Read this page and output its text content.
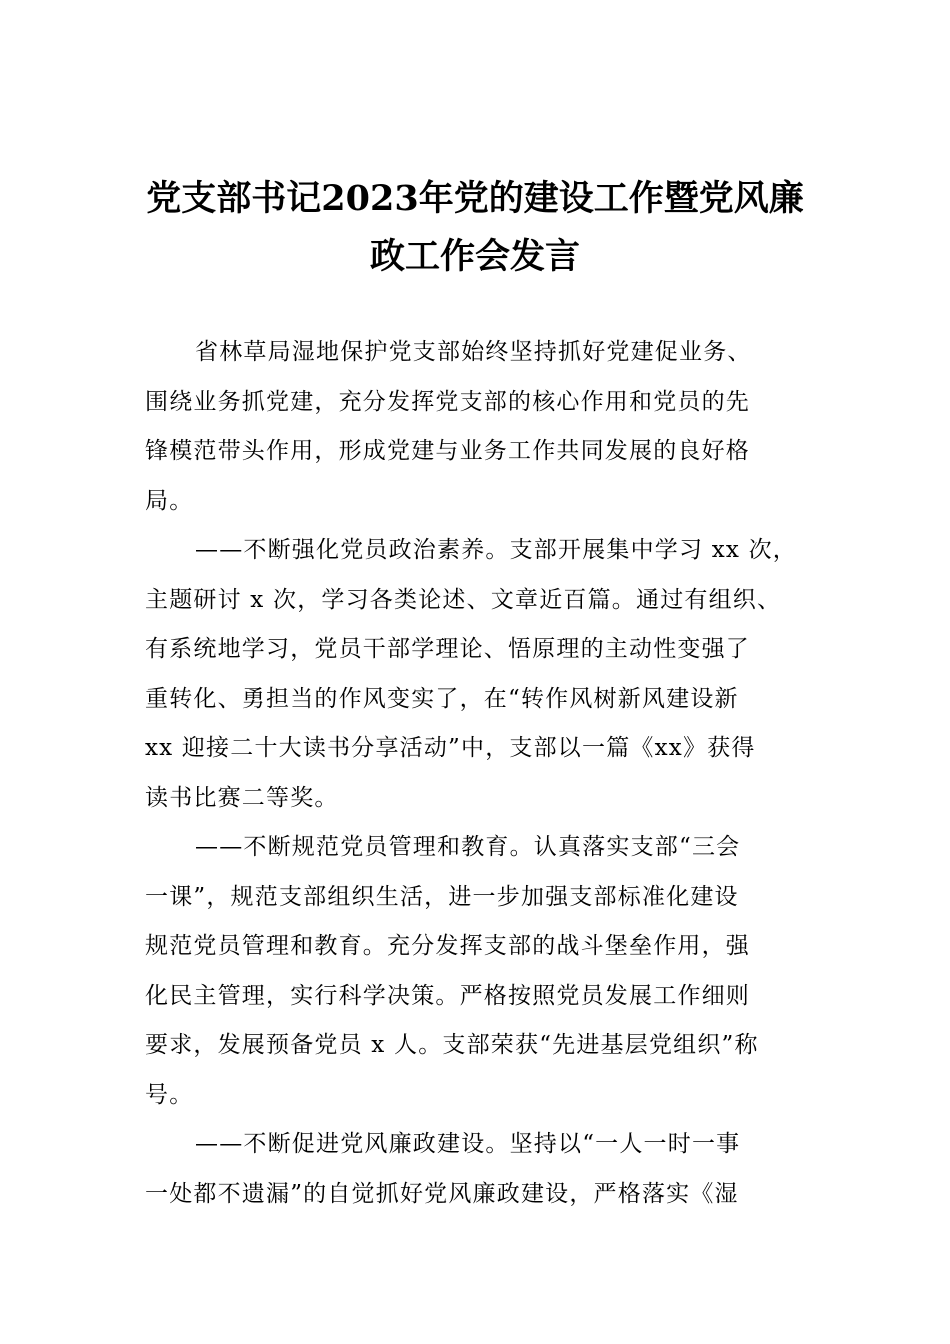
党支部书记2023年党的建设工作暨党风廉
政工作会发言

省林草局湿地保护党支部始终坚持抓好党建促业务、
围绕业务抓党建，充分发挥党支部的核心作用和党员的先
锋模范带头作用，形成党建与业务工作共同发展的良好格
局。

——不断强化党员政治素养。支部开展集中学习 xx 次，
主题研讨 x 次，学习各类论述、文章近百篇。通过有组织、
有系统地学习，党员干部学理论、悟原理的主动性变强了
重转化、勇担当的作风变实了，在“转作风树新风建设新
xx 迎接二十大读书分享活动”中，支部以一篇《xx》获得
读书比赛二等奖。

——不断规范党员管理和教育。认真落实支部“三会
一课”，规范支部组织生活，进一步加强支部标准化建设
规范党员管理和教育。充分发挥支部的战斗堡垒作用，强
化民主管理，实行科学决策。严格按照党员发展工作细则
要求，发展预备党员 x 人。支部荣获“先进基层党组织”称
号。

——不断促进党风廉政建设。坚持以“一人一时一事
一处都不遗漏”的自觉抓好党风廉政建设，严格落实《湿
